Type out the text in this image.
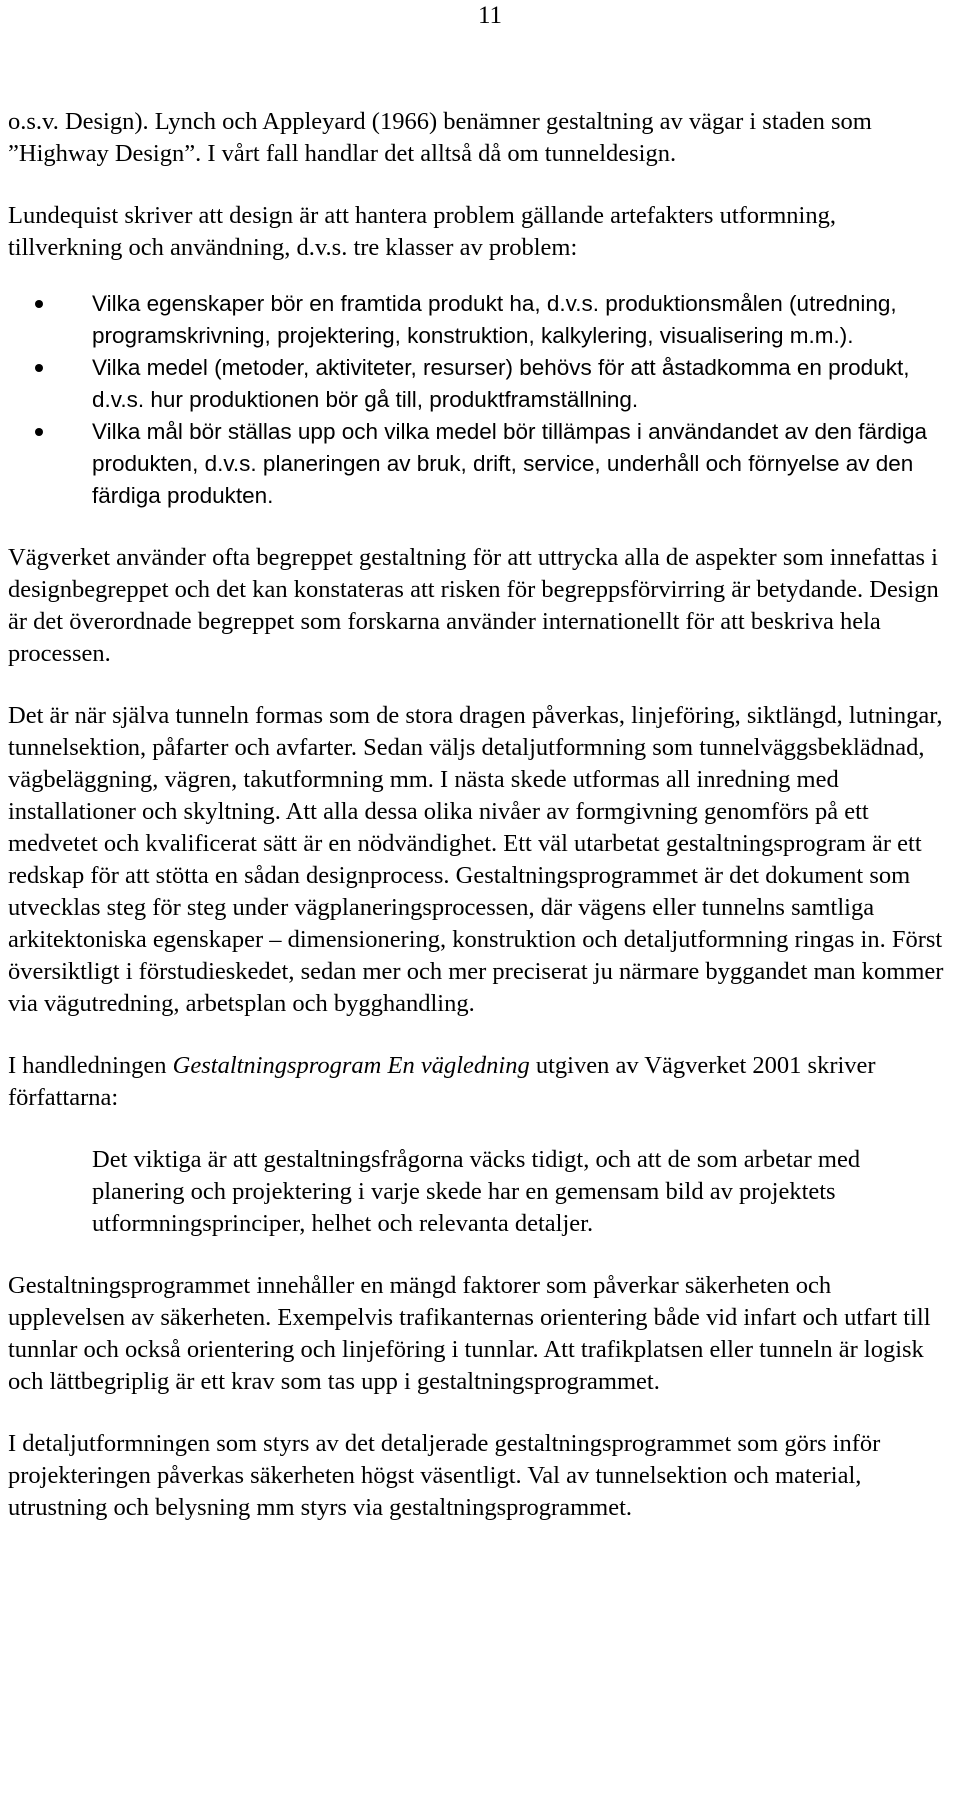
11

o.s.v. Design). Lynch och Appleyard (1966) benämner gestaltning av vägar i staden som ”Highway Design”. I vårt fall handlar det alltså då om tunneldesign.

Lundequist skriver att design är att hantera problem gällande artefakters utformning, tillverkning och användning, d.v.s. tre klasser av problem:

Vilka egenskaper bör en framtida produkt ha, d.v.s. produktionsmålen (utredning, programskrivning, projektering, konstruktion, kalkylering, visualisering m.m.).
Vilka medel (metoder, aktiviteter, resurser) behövs för att åstadkomma en produkt, d.v.s. hur produktionen bör gå till, produktframställning.
Vilka mål bör ställas upp och vilka medel bör tillämpas i användandet av den färdiga produkten, d.v.s. planeringen av bruk, drift, service, underhåll och förnyelse av den färdiga produkten.

Vägverket använder ofta begreppet gestaltning för att uttrycka alla de aspekter som innefattas i designbegreppet och det kan konstateras att risken för begreppsförvirring är betydande. Design är det överordnade begreppet som forskarna använder internationellt för att beskriva hela processen.

Det är när själva tunneln formas som de stora dragen påverkas, linjeföring, siktlängd, lutningar, tunnelsektion, påfarter och avfarter. Sedan väljs detaljutformning som tunnelväggsbeklädnad, vägbeläggning, vägren, takutformning mm. I nästa skede utformas all inredning med installationer och skyltning. Att alla dessa olika nivåer av formgivning genomförs på ett medvetet och kvalificerat sätt är en nödvändighet. Ett väl utarbetat gestaltningsprogram är ett redskap för att stötta en sådan designprocess. Gestaltningsprogrammet är det dokument som utvecklas steg för steg under vägplaneringsprocessen, där vägens eller tunnelns samtliga arkitektoniska egenskaper – dimensionering, konstruktion och detaljutformning ringas in. Först översiktligt i förstudieskedet, sedan mer och mer preciserat ju närmare byggandet man kommer via vägutredning, arbetsplan och bygghandling.

I handledningen Gestaltningsprogram En vägledning utgiven av Vägverket 2001 skriver författarna:

Det viktiga är att gestaltningsfrågorna väcks tidigt, och att de som arbetar med planering och projektering i varje skede har en gemensam bild av projektets utformningsprinciper, helhet och relevanta detaljer.

Gestaltningsprogrammet innehåller en mängd faktorer som påverkar säkerheten och upplevelsen av säkerheten. Exempelvis trafikanternas orientering både vid infart och utfart till tunnlar och också orientering och linjeföring i tunnlar. Att trafikplatsen eller tunneln är logisk och lättbegriplig är ett krav som tas upp i gestaltningsprogrammet.

I detaljutformningen som styrs av det detaljerade gestaltningsprogrammet som görs inför projekteringen påverkas säkerheten högst väsentligt. Val av tunnelsektion och material, utrustning och belysning mm styrs via gestaltningsprogrammet.
